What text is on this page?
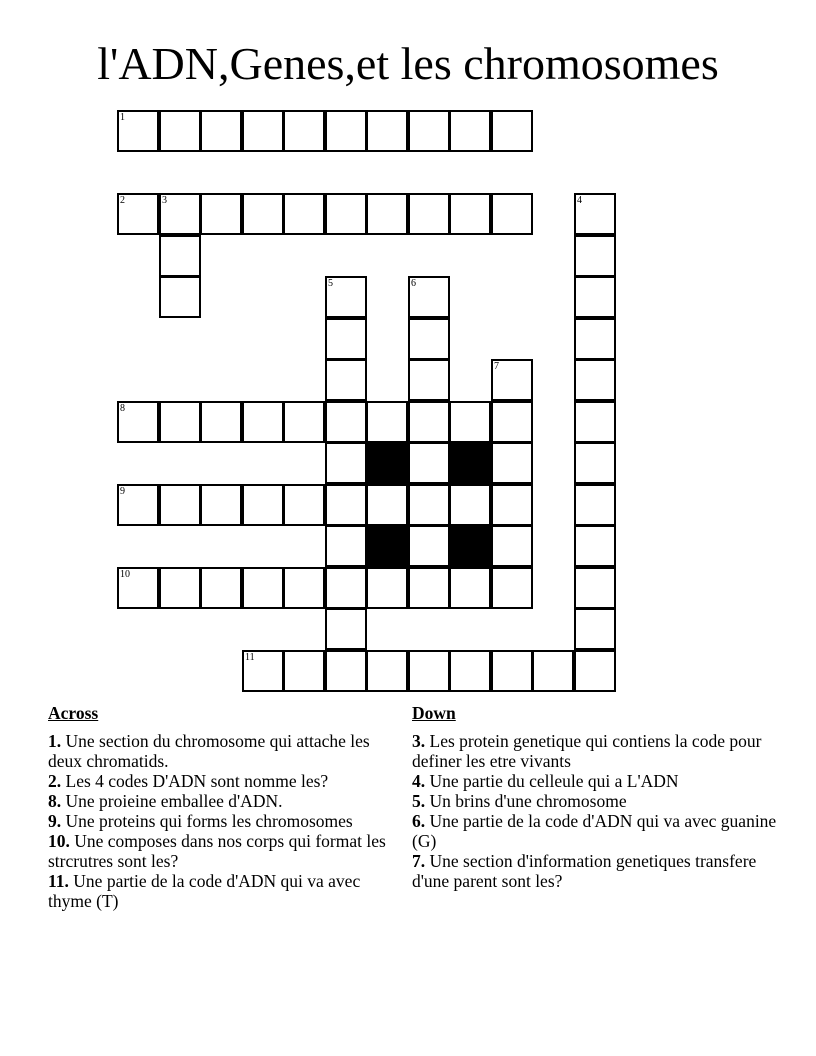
l'ADN,Genes,et les chromosomes
1
2	3	4
5	6
7
8
9
10
11
Across
1. Une section du chromosome qui attache les deux chromatids.
2. Les 4 codes D'ADN sont nomme les?
8. Une proieine emballee d'ADN.
9. Une proteins qui forms les chromosomes
10. Une composes dans nos corps qui format les strcrutres sont les?
11. Une partie de la code d'ADN qui va avec thyme (T)
Down
3. Les protein genetique qui contiens la code pour definer les etre vivants
4. Une partie du celleule qui a L'ADN
5. Un brins d'une chromosome
6. Une partie de la code d'ADN qui va avec guanine (G)
7. Une section d'information genetiques transfere d'une parent sont les?
